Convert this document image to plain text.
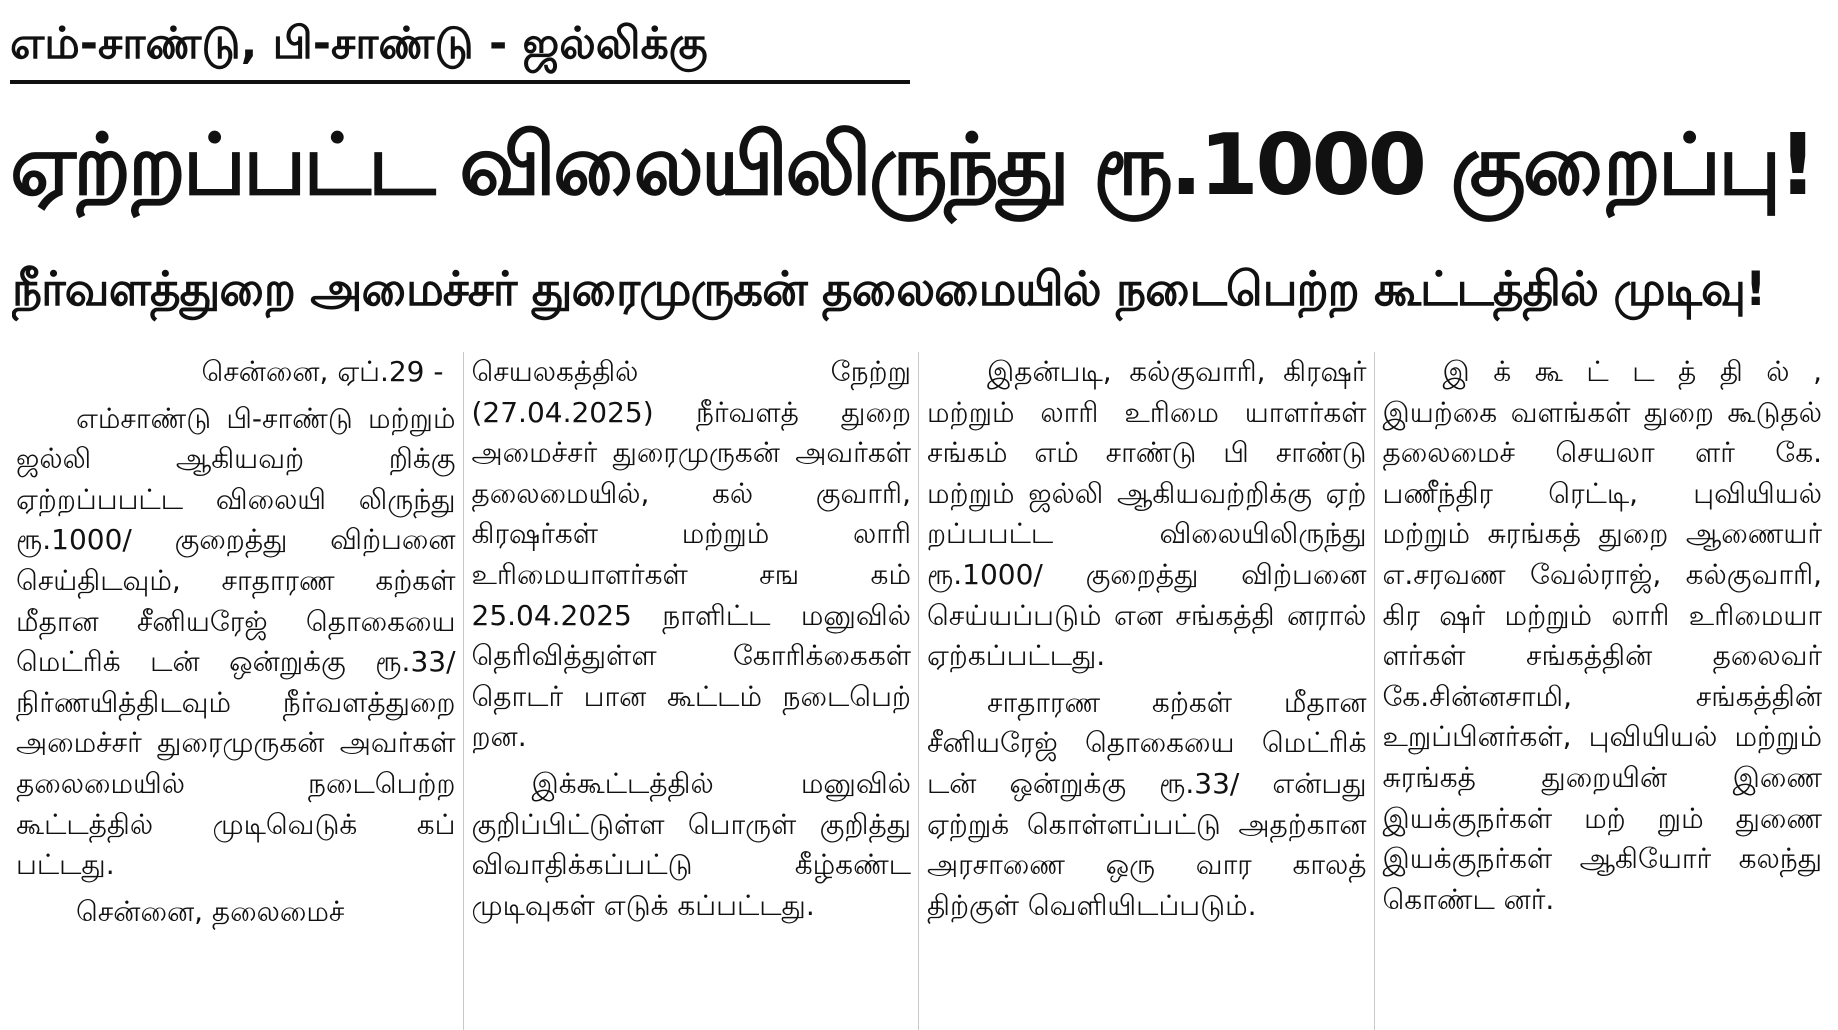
எம்-சாண்டு, பி-சாண்டு - ஜல்லிக்கு
ஏற்றப்பட்ட விலையிலிருந்து ரூ.1000 குறைப்பு!
நீர்வளத்துறை அமைச்சர் துரைமுருகன் தலைமையில் நடைபெற்ற கூட்டத்தில் முடிவு!

சென்னை, ஏப்.29 -

எம்சாண்டு பி-சாண்டு மற்றும் ஜல்லி ஆகியவற் றிக்கு ஏற்றப்பபட்ட விலையி லிருந்து ரூ.1000/ குறைத்து விற்பனை செய்திடவும், சாதாரண கற்கள் மீதான சீனியரேஜ் தொகையை மெட்ரிக் டன் ஒன்றுக்கு ரூ.33/ நிர்ணயித்திடவும் நீர்வளத்துறை அமைச்சர் துரைமுருகன் அவர்கள் தலைமையில் நடைபெற்ற கூட்டத்தில் முடிவெடுக் கப் பட்டது.

சென்னை, தலைமைச்

செயலகத்தில் நேற்று (27.04.2025) நீர்வளத் துறை அமைச்சர் துரைமுருகன் அவர்கள் தலைமையில், கல் குவாரி, கிரஷர்கள் மற்றும் லாரி உரிமையாளர்கள் சங கம் 25.04.2025 நாளிட்ட மனுவில் தெரிவித்துள்ள கோரிக்கைகள் தொடர் பான கூட்டம் நடைபெற் றன.

இக்கூட்டத்தில் மனுவில் குறிப்பிட்டுள்ள பொருள் குறித்து விவாதிக்கப்பட்டு கீழ்கண்ட முடிவுகள் எடுக் கப்பட்டது.

இதன்படி, கல்குவாரி, கிரஷர் மற்றும் லாரி உரிமை யாளர்கள் சங்கம் எம் சாண்டு பி சாண்டு மற்றும் ஜல்லி ஆகியவற்றிக்கு ஏற் றப்பபட்ட விலையிலிருந்து ரூ.1000/ குறைத்து விற்பனை செய்யப்படும் என சங்கத்தி னரால் ஏற்கப்பட்டது.

சாதாரண கற்கள் மீதான சீனியரேஜ் தொகையை மெட்ரிக் டன் ஒன்றுக்கு ரூ.33/ என்பது ஏற்றுக் கொள்ளப்பட்டு அதற்கான அரசாணை ஒரு வார காலத் திற்குள் வெளியிடப்படும்.

இ க் கூ ட் ட த் தி ல் , இயற்கை வளங்கள் துறை கூடுதல் தலைமைச் செயலா ளர் கே. பணீந்திர ரெட்டி, புவியியல் மற்றும் சுரங்கத் துறை ஆணையர் எ.சரவண வேல்ராஜ், கல்குவாரி, கிர ஷர் மற்றும் லாரி உரிமையா ளர்கள் சங்கத்தின் தலைவர் கே.சின்னசாமி, சங்கத்தின் உறுப்பினர்கள், புவியியல் மற்றும் சுரங்கத் துறையின் இணை இயக்குநர்கள் மற் றும் துணை இயக்குநர்கள் ஆகியோர் கலந்து கொண்ட னர்.
